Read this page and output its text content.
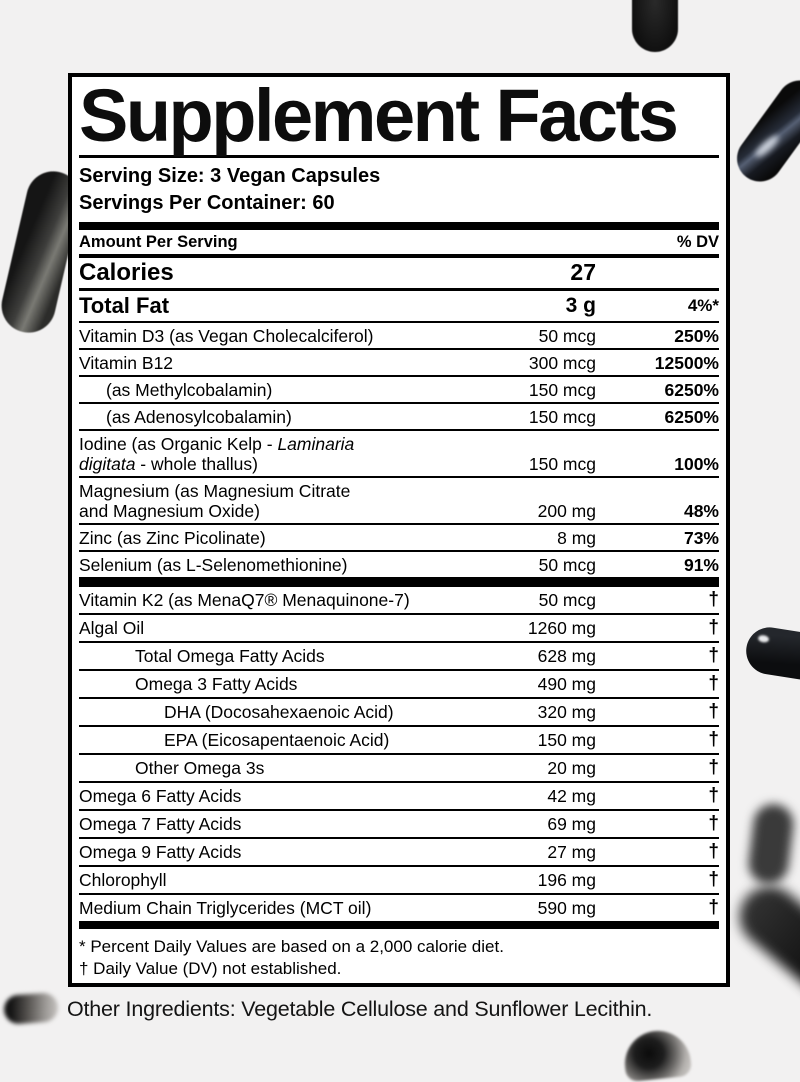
Supplement Facts
Serving Size: 3 Vegan Capsules
Servings Per Container: 60
Amount Per Serving	% DV
Calories	27
Total Fat	3 g	4%*
Vitamin D3 (as Vegan Cholecalciferol)	50 mcg	250%
Vitamin B12	300 mcg	12500%
(as Methylcobalamin)	150 mcg	6250%
(as Adenosylcobalamin)	150 mcg	6250%
Iodine (as Organic Kelp - Laminaria
digitata - whole thallus)	150 mcg	100%
Magnesium (as Magnesium Citrate
and Magnesium Oxide)	200 mg	48%
Zinc (as Zinc Picolinate)	8 mg	73%
Selenium (as L-Selenomethionine)	50 mcg	91%
Vitamin K2 (as MenaQ7® Menaquinone-7)	50 mcg	†
Algal Oil	1260 mg	†
Total Omega Fatty Acids	628 mg	†
Omega 3 Fatty Acids	490 mg	†
DHA (Docosahexaenoic Acid)	320 mg	†
EPA (Eicosapentaenoic Acid)	150 mg	†
Other Omega 3s	20 mg	†
Omega 6 Fatty Acids	42 mg	†
Omega 7 Fatty Acids	69 mg	†
Omega 9 Fatty Acids	27 mg	†
Chlorophyll	196 mg	†
Medium Chain Triglycerides (MCT oil)	590 mg	†
* Percent Daily Values are based on a 2,000 calorie diet.
† Daily Value (DV) not established.
Other Ingredients: Vegetable Cellulose and Sunflower Lecithin.
